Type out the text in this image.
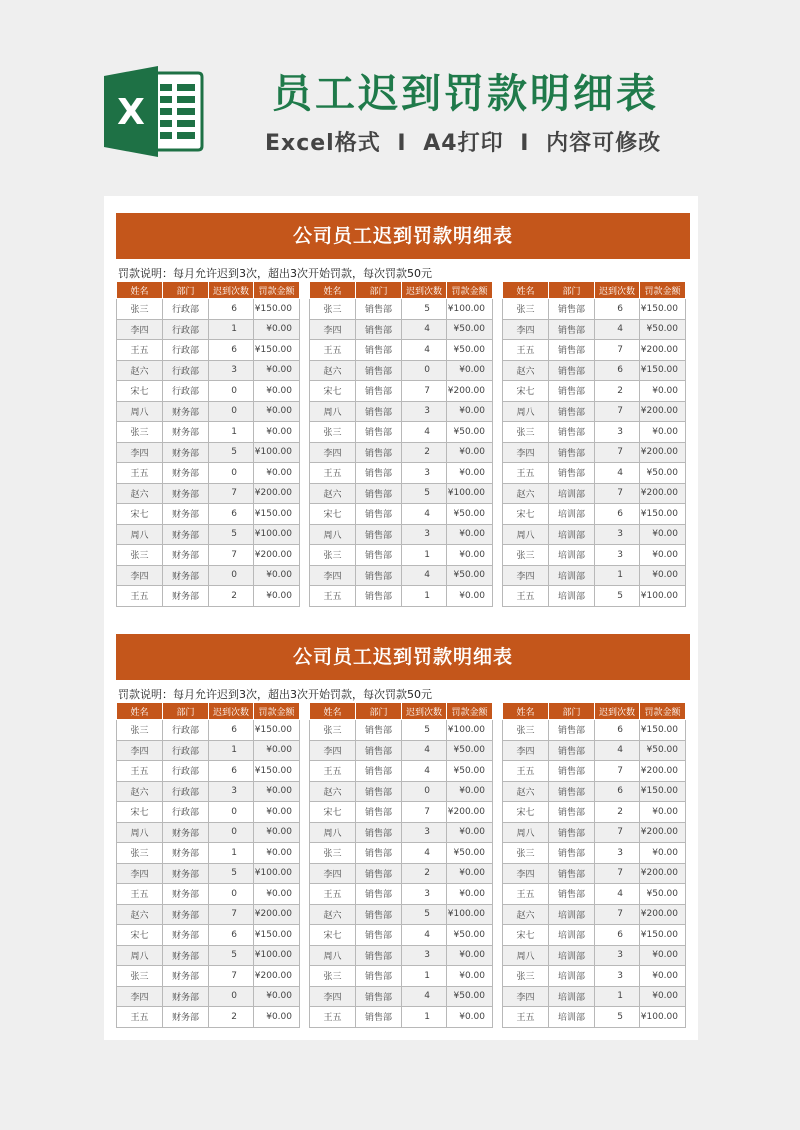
X	员工迟到罚款明细表
Excel格式 I A4打印 I 内容可修改
公司员工迟到罚款明细表
罚款说明：每月允许迟到3次，超出3次开始罚款，每次罚款50元
姓名	部门	迟到次数	罚款金额
张三	行政部	6	¥150.00
李四	行政部	1	¥0.00
王五	行政部	6	¥150.00
赵六	行政部	3	¥0.00
宋七	行政部	0	¥0.00
周八	财务部	0	¥0.00
张三	财务部	1	¥0.00
李四	财务部	5	¥100.00
王五	财务部	0	¥0.00
赵六	财务部	7	¥200.00
宋七	财务部	6	¥150.00
周八	财务部	5	¥100.00
张三	财务部	7	¥200.00
李四	财务部	0	¥0.00
王五	财务部	2	¥0.00
姓名	部门	迟到次数	罚款金额
张三	销售部	5	¥100.00
李四	销售部	4	¥50.00
王五	销售部	4	¥50.00
赵六	销售部	0	¥0.00
宋七	销售部	7	¥200.00
周八	销售部	3	¥0.00
张三	销售部	4	¥50.00
李四	销售部	2	¥0.00
王五	销售部	3	¥0.00
赵六	销售部	5	¥100.00
宋七	销售部	4	¥50.00
周八	销售部	3	¥0.00
张三	销售部	1	¥0.00
李四	销售部	4	¥50.00
王五	销售部	1	¥0.00
姓名	部门	迟到次数	罚款金额
张三	销售部	6	¥150.00
李四	销售部	4	¥50.00
王五	销售部	7	¥200.00
赵六	销售部	6	¥150.00
宋七	销售部	2	¥0.00
周八	销售部	7	¥200.00
张三	销售部	3	¥0.00
李四	销售部	7	¥200.00
王五	销售部	4	¥50.00
赵六	培训部	7	¥200.00
宋七	培训部	6	¥150.00
周八	培训部	3	¥0.00
张三	培训部	3	¥0.00
李四	培训部	1	¥0.00
王五	培训部	5	¥100.00
公司员工迟到罚款明细表
罚款说明：每月允许迟到3次，超出3次开始罚款，每次罚款50元
姓名	部门	迟到次数	罚款金额
张三	行政部	6	¥150.00
李四	行政部	1	¥0.00
王五	行政部	6	¥150.00
赵六	行政部	3	¥0.00
宋七	行政部	0	¥0.00
周八	财务部	0	¥0.00
张三	财务部	1	¥0.00
李四	财务部	5	¥100.00
王五	财务部	0	¥0.00
赵六	财务部	7	¥200.00
宋七	财务部	6	¥150.00
周八	财务部	5	¥100.00
张三	财务部	7	¥200.00
李四	财务部	0	¥0.00
王五	财务部	2	¥0.00
姓名	部门	迟到次数	罚款金额
张三	销售部	5	¥100.00
李四	销售部	4	¥50.00
王五	销售部	4	¥50.00
赵六	销售部	0	¥0.00
宋七	销售部	7	¥200.00
周八	销售部	3	¥0.00
张三	销售部	4	¥50.00
李四	销售部	2	¥0.00
王五	销售部	3	¥0.00
赵六	销售部	5	¥100.00
宋七	销售部	4	¥50.00
周八	销售部	3	¥0.00
张三	销售部	1	¥0.00
李四	销售部	4	¥50.00
王五	销售部	1	¥0.00
姓名	部门	迟到次数	罚款金额
张三	销售部	6	¥150.00
李四	销售部	4	¥50.00
王五	销售部	7	¥200.00
赵六	销售部	6	¥150.00
宋七	销售部	2	¥0.00
周八	销售部	7	¥200.00
张三	销售部	3	¥0.00
李四	销售部	7	¥200.00
王五	销售部	4	¥50.00
赵六	培训部	7	¥200.00
宋七	培训部	6	¥150.00
周八	培训部	3	¥0.00
张三	培训部	3	¥0.00
李四	培训部	1	¥0.00
王五	培训部	5	¥100.00
